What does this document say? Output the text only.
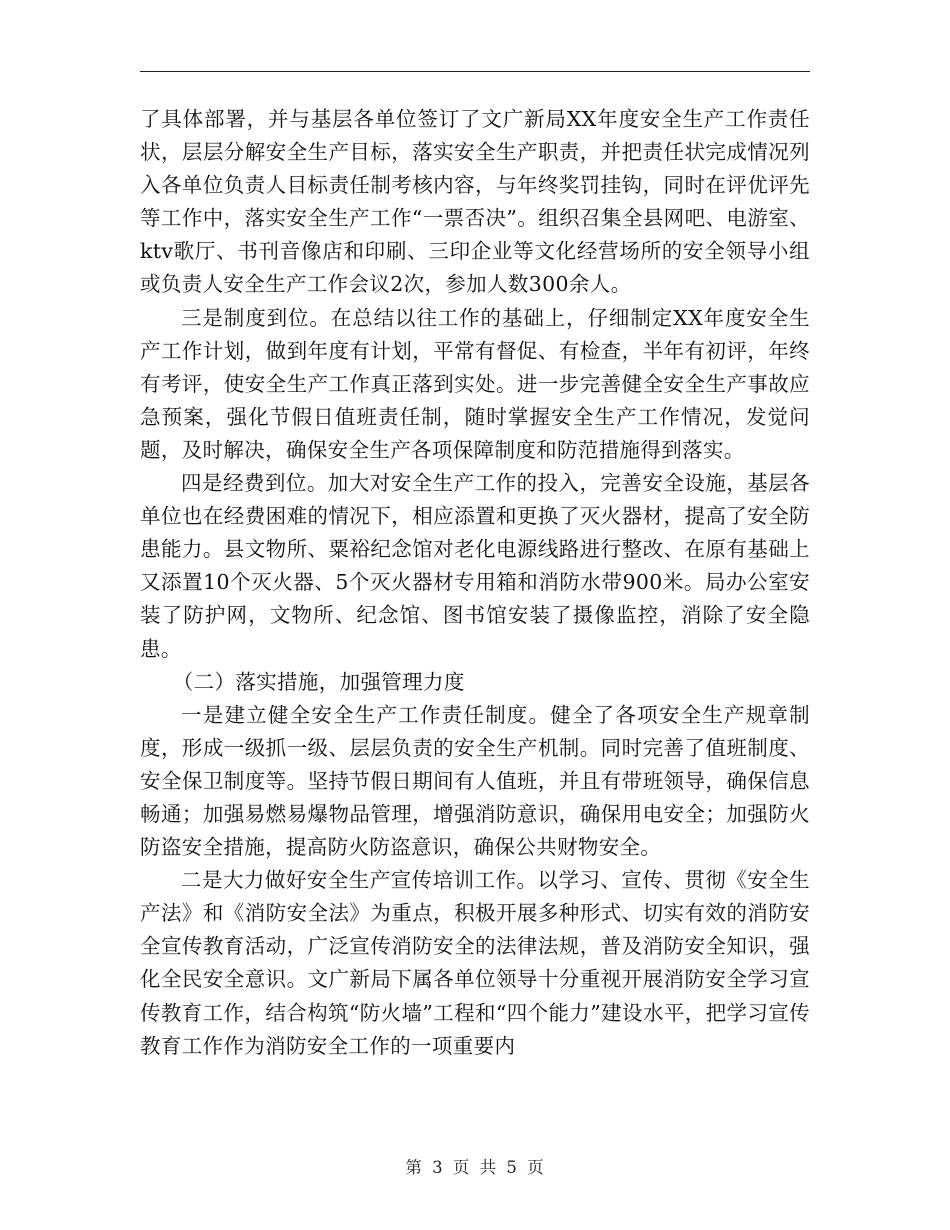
了具体部署，并与基层各单位签订了文广新局XX年度安全生产工作责任状，层层分解安全生产目标，落实安全生产职责，并把责任状完成情况列入各单位负责人目标责任制考核内容，与年终奖罚挂钩，同时在评优评先等工作中，落实安全生产工作“一票否决”。组织召集全县网吧、电游室、ktv歌厅、书刊音像店和印刷、三印企业等文化经营场所的安全领导小组或负责人安全生产工作会议2次，参加人数300余人。

三是制度到位。在总结以往工作的基础上，仔细制定XX年度安全生产工作计划，做到年度有计划，平常有督促、有检查，半年有初评，年终有考评，使安全生产工作真正落到实处。进一步完善健全安全生产事故应急预案，强化节假日值班责任制，随时掌握安全生产工作情况，发觉问题，及时解决，确保安全生产各项保障制度和防范措施得到落实。

四是经费到位。加大对安全生产工作的投入，完善安全设施，基层各单位也在经费困难的情况下，相应添置和更换了灭火器材，提高了安全防患能力。县文物所、粟裕纪念馆对老化电源线路进行整改、在原有基础上又添置10个灭火器、5个灭火器材专用箱和消防水带900米。局办公室安装了防护网，文物所、纪念馆、图书馆安装了摄像监控，消除了安全隐患。

（二）落实措施，加强管理力度

一是建立健全安全生产工作责任制度。健全了各项安全生产规章制度，形成一级抓一级、层层负责的安全生产机制。同时完善了值班制度、安全保卫制度等。坚持节假日期间有人值班，并且有带班领导，确保信息畅通；加强易燃易爆物品管理，增强消防意识，确保用电安全；加强防火防盗安全措施，提高防火防盗意识，确保公共财物安全。

二是大力做好安全生产宣传培训工作。以学习、宣传、贯彻《安全生产法》和《消防安全法》为重点，积极开展多种形式、切实有效的消防安全宣传教育活动，广泛宣传消防安全的法律法规，普及消防安全知识，强化全民安全意识。文广新局下属各单位领导十分重视开展消防安全学习宣传教育工作，结合构筑“防火墙”工程和“四个能力”建设水平，把学习宣传教育工作作为消防安全工作的一项重要内

第 3 页 共 5 页
